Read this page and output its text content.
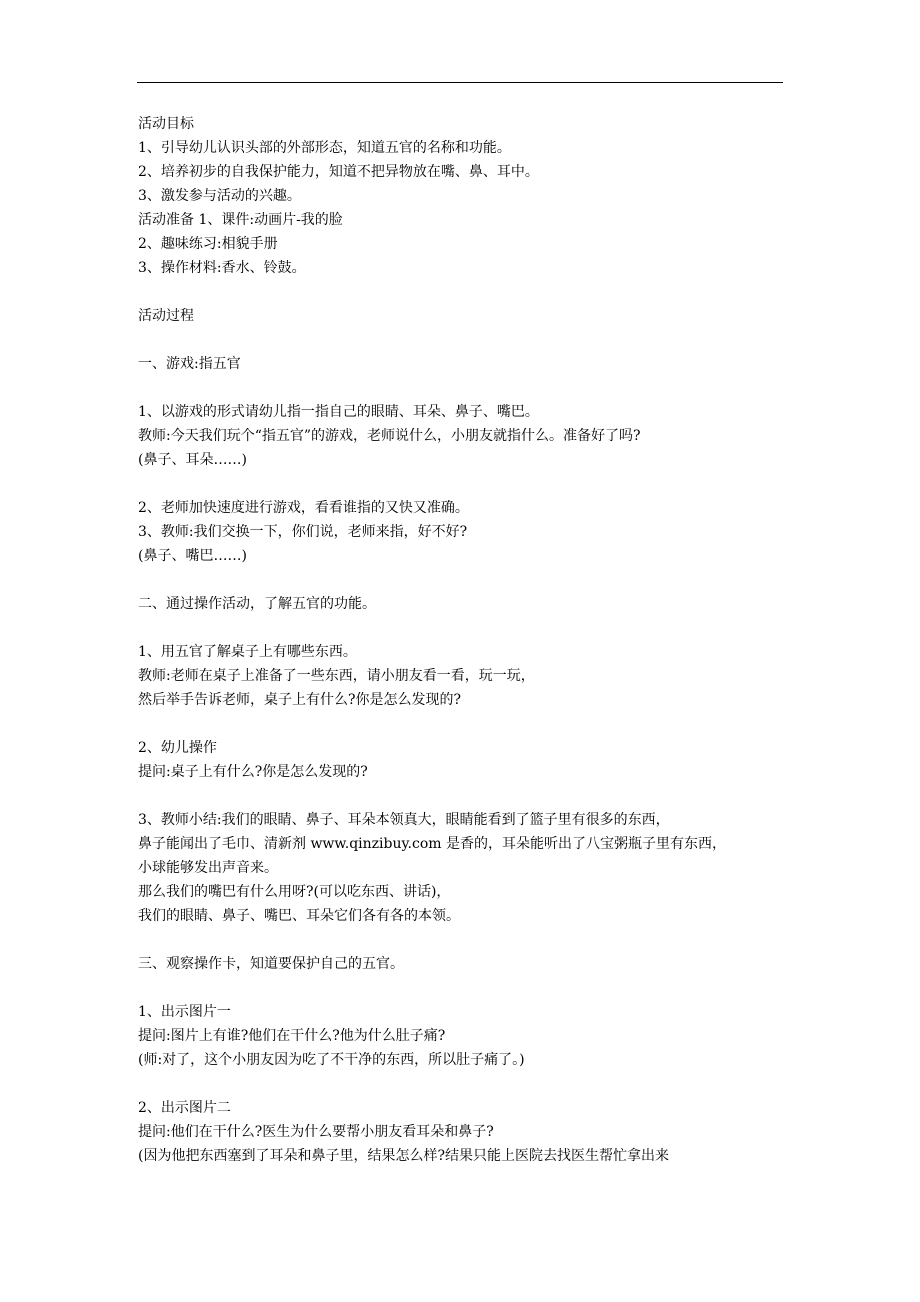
活动目标
1、引导幼儿认识头部的外部形态，知道五官的名称和功能。
2、培养初步的自我保护能力，知道不把异物放在嘴、鼻、耳中。
3、激发参与活动的兴趣。
活动准备 1、课件:动画片-我的脸
2、趣味练习:相貌手册
3、操作材料:香水、铃鼓。
活动过程
一、游戏:指五官
1、以游戏的形式请幼儿指一指自己的眼睛、耳朵、鼻子、嘴巴。
教师:今天我们玩个“指五官”的游戏，老师说什么，小朋友就指什么。准备好了吗?
(鼻子、耳朵……)
2、老师加快速度进行游戏，看看谁指的又快又准确。
3、教师:我们交换一下，你们说，老师来指，好不好?
(鼻子、嘴巴……)
二、通过操作活动，了解五官的功能。
1、用五官了解桌子上有哪些东西。
教师:老师在桌子上准备了一些东西，请小朋友看一看，玩一玩，
然后举手告诉老师，桌子上有什么?你是怎么发现的?
2、幼儿操作
提问:桌子上有什么?你是怎么发现的?
3、教师小结:我们的眼睛、鼻子、耳朵本领真大，眼睛能看到了篮子里有很多的东西，
鼻子能闻出了毛巾、清新剂 www.qinzibuy.com 是香的，耳朵能听出了八宝粥瓶子里有东西，
小球能够发出声音来。
那么我们的嘴巴有什么用呀?(可以吃东西、讲话)，
我们的眼睛、鼻子、嘴巴、耳朵它们各有各的本领。
三、观察操作卡，知道要保护自己的五官。
1、出示图片一
提问:图片上有谁?他们在干什么?他为什么肚子痛?
(师:对了，这个小朋友因为吃了不干净的东西，所以肚子痛了。)
2、出示图片二
提问:他们在干什么?医生为什么要帮小朋友看耳朵和鼻子?
(因为他把东西塞到了耳朵和鼻子里，结果怎么样?结果只能上医院去找医生帮忙拿出来
